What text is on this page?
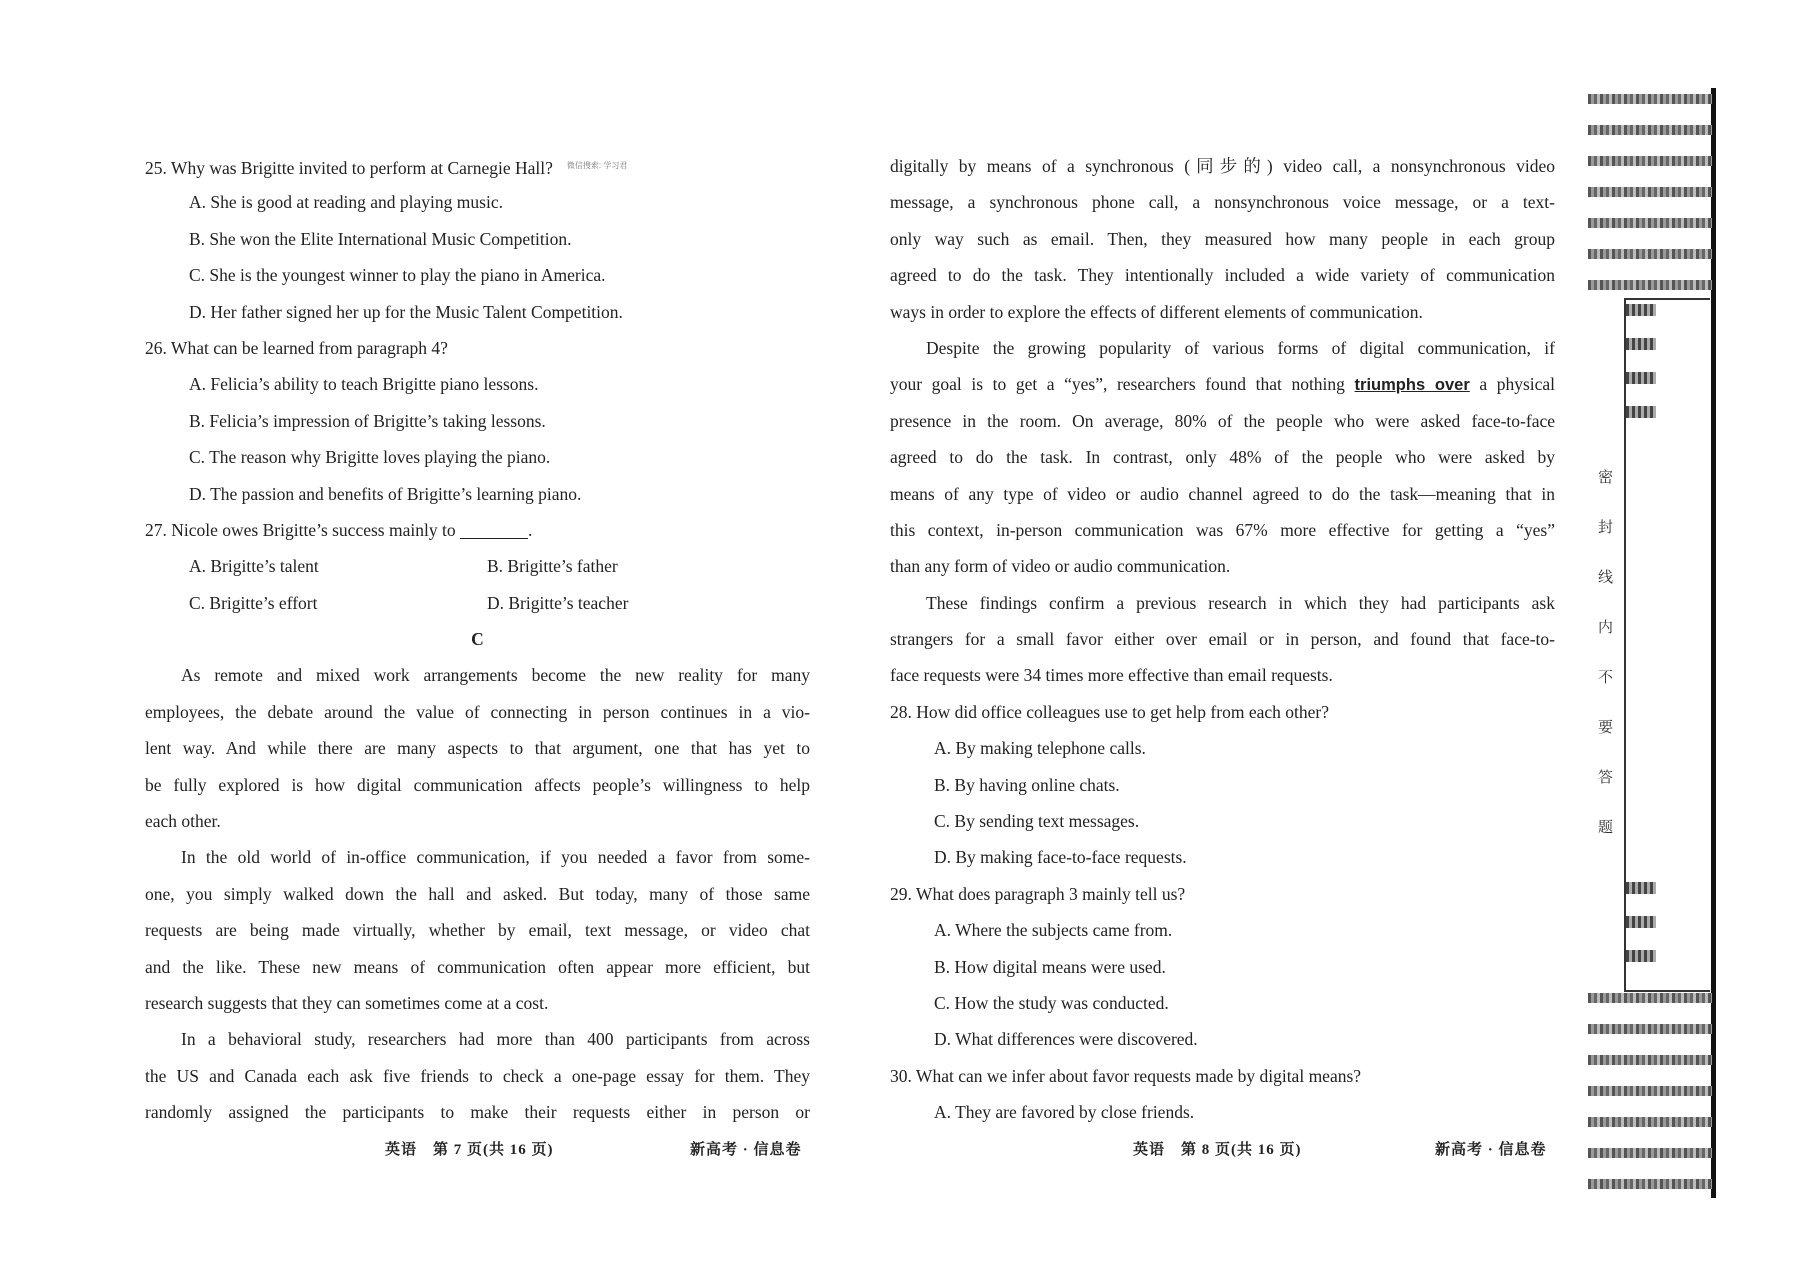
25. Why was Brigitte invited to perform at Carnegie Hall? $^{微信搜索: 学习君}$
A. She is good at reading and playing music.
B. She won the Elite International Music Competition.
C. She is the youngest winner to play the piano in America.
D. Her father signed her up for the Music Talent Competition.
26. What can be learned from paragraph 4?
A. Felicia’s ability to teach Brigitte piano lessons.
B. Felicia’s impression of Brigitte’s taking lessons.
C. The reason why Brigitte loves playing the piano.
D. The passion and benefits of Brigitte’s learning piano.
27. Nicole owes Brigitte’s success mainly to	.
A. Brigitte’s talent	B. Brigitte’s father
C. Brigitte’s effort	D. Brigitte’s teacher
C
As remote and mixed work arrangements become the new reality for many
employees, the debate around the value of connecting in person continues in a vio-
lent way. And while there are many aspects to that argument, one that has yet to
be fully explored is how digital communication affects people’s willingness to help
each other.
In the old world of in-office communication, if you needed a favor from some-
one, you simply walked down the hall and asked. But today, many of those same
requests are being made virtually, whether by email, text message, or video chat
and the like. These new means of communication often appear more efficient, but
research suggests that they can sometimes come at a cost.
In a behavioral study, researchers had more than 400 participants from across
the US and Canada each ask five friends to check a one-page essay for them. They
randomly assigned the participants to make their requests either in person or
英语　第 7 页(共 16 页)	新高考 · 信息卷
digitally by means of a synchronous (同步的) video call, a nonsynchronous video
message, a synchronous phone call, a nonsynchronous voice message, or a text-
only way such as email. Then, they measured how many people in each group
agreed to do the task. They intentionally included a wide variety of communication
ways in order to explore the effects of different elements of communication.
Despite the growing popularity of various forms of digital communication, if
your goal is to get a “yes”, researchers found that nothing triumphs over a physical
presence in the room. On average, 80% of the people who were asked face-to-face
agreed to do the task. In contrast, only 48% of the people who were asked by
means of any type of video or audio channel agreed to do the task—meaning that in
this context, in-person communication was 67% more effective for getting a “yes”
than any form of video or audio communication.
These findings confirm a previous research in which they had participants ask
strangers for a small favor either over email or in person, and found that face-to-
face requests were 34 times more effective than email requests.
28. How did office colleagues use to get help from each other?
A. By making telephone calls.
B. By having online chats.
C. By sending text messages.
D. By making face-to-face requests.
29. What does paragraph 3 mainly tell us?
A. Where the subjects came from.
B. How digital means were used.
C. How the study was conducted.
D. What differences were discovered.
30. What can we infer about favor requests made by digital means?
A. They are favored by close friends.
英语　第 8 页(共 16 页)	新高考 · 信息卷
密
封
线
内
不
要
答
题
